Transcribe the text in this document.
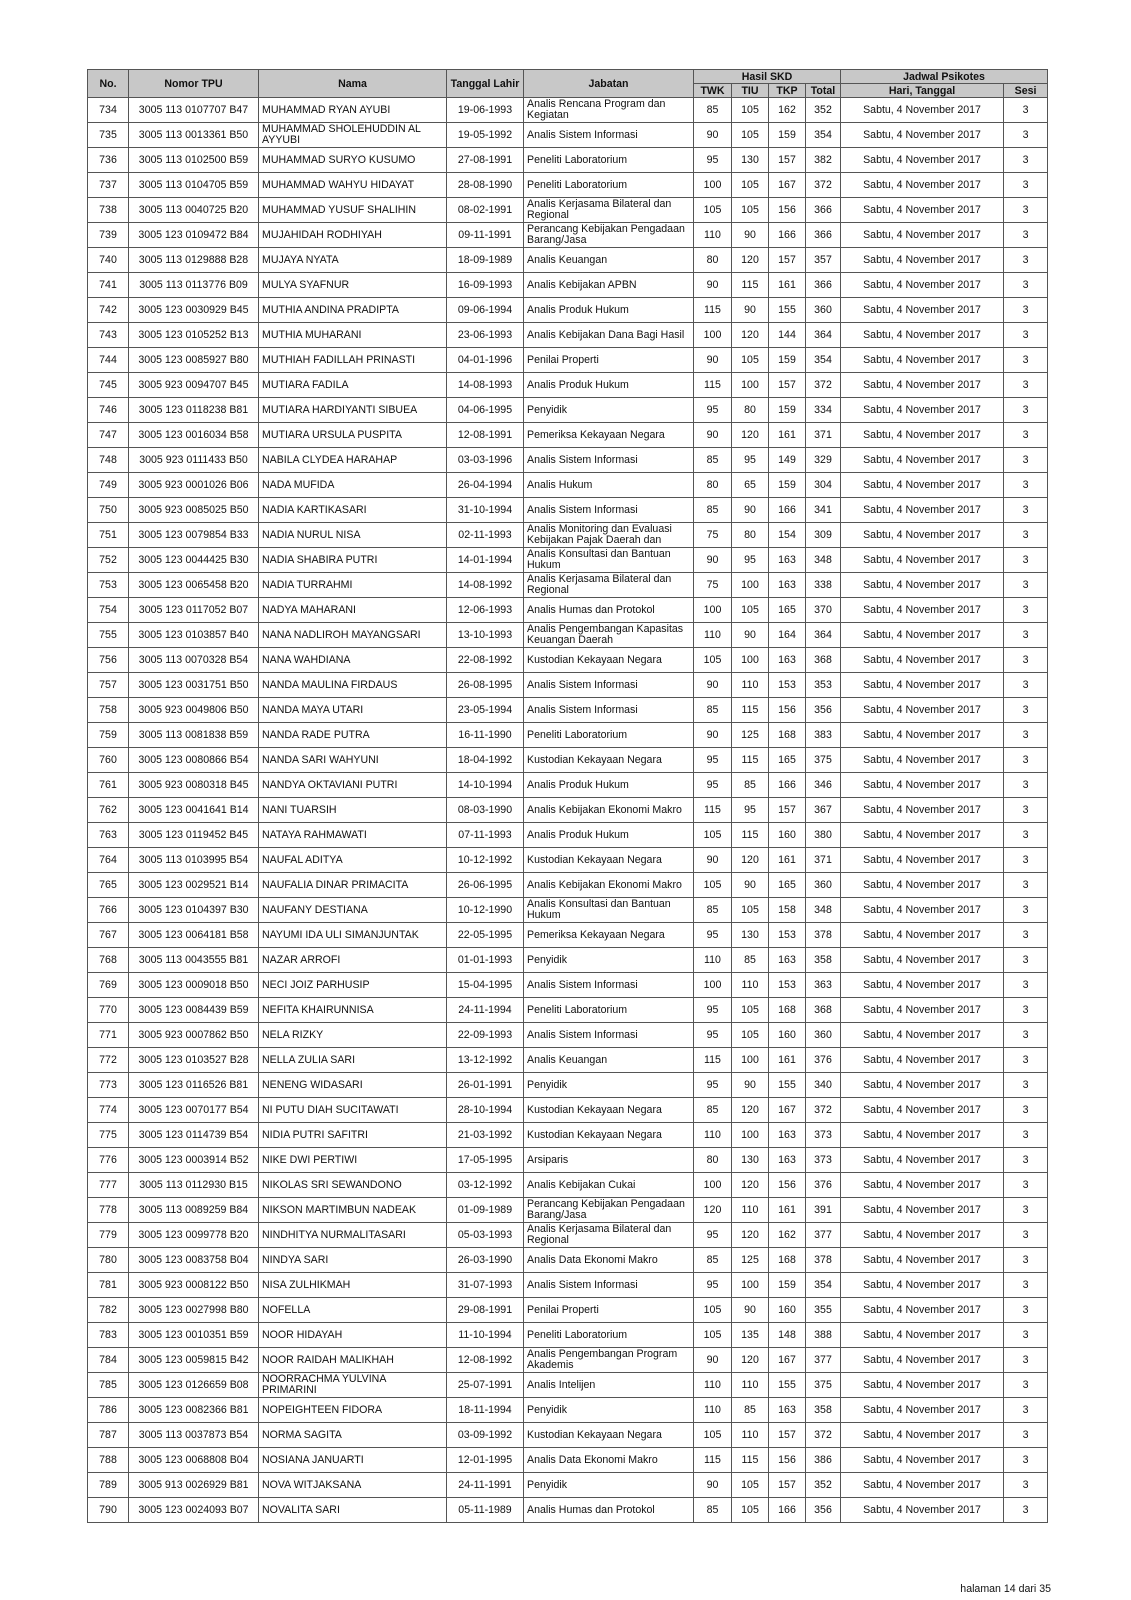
No.	Nomor TPU	Nama	Tanggal Lahir	Jabatan	Hasil SKD				Jadwal Psikotes	
					TWK	TIU	TKP	Total	Hari, Tanggal	Sesi
734	3005 113 0107707 B47	MUHAMMAD RYAN AYUBI	19-06-1993	Analis Rencana Program dan Kegiatan	85	105	162	352	Sabtu, 4 November 2017	3
735	3005 113 0013361 B50	MUHAMMAD SHOLEHUDDIN AL AYYUBI	19-05-1992	Analis Sistem Informasi	90	105	159	354	Sabtu, 4 November 2017	3
736	3005 113 0102500 B59	MUHAMMAD SURYO KUSUMO	27-08-1991	Peneliti Laboratorium	95	130	157	382	Sabtu, 4 November 2017	3
737	3005 113 0104705 B59	MUHAMMAD WAHYU HIDAYAT	28-08-1990	Peneliti Laboratorium	100	105	167	372	Sabtu, 4 November 2017	3
738	3005 113 0040725 B20	MUHAMMAD YUSUF SHALIHIN	08-02-1991	Analis Kerjasama Bilateral dan Regional	105	105	156	366	Sabtu, 4 November 2017	3
739	3005 123 0109472 B84	MUJAHIDAH RODHIYAH	09-11-1991	Perancang Kebijakan Pengadaan Barang/Jasa	110	90	166	366	Sabtu, 4 November 2017	3
740	3005 113 0129888 B28	MUJAYA NYATA	18-09-1989	Analis Keuangan	80	120	157	357	Sabtu, 4 November 2017	3
741	3005 113 0113776 B09	MULYA SYAFNUR	16-09-1993	Analis Kebijakan APBN	90	115	161	366	Sabtu, 4 November 2017	3
742	3005 123 0030929 B45	MUTHIA ANDINA PRADIPTA	09-06-1994	Analis Produk Hukum	115	90	155	360	Sabtu, 4 November 2017	3
743	3005 123 0105252 B13	MUTHIA MUHARANI	23-06-1993	Analis Kebijakan Dana Bagi Hasil	100	120	144	364	Sabtu, 4 November 2017	3
744	3005 123 0085927 B80	MUTHIAH FADILLAH PRINASTI	04-01-1996	Penilai Properti	90	105	159	354	Sabtu, 4 November 2017	3
745	3005 923 0094707 B45	MUTIARA FADILA	14-08-1993	Analis Produk Hukum	115	100	157	372	Sabtu, 4 November 2017	3
746	3005 123 0118238 B81	MUTIARA HARDIYANTI SIBUEA	04-06-1995	Penyidik	95	80	159	334	Sabtu, 4 November 2017	3
747	3005 123 0016034 B58	MUTIARA URSULA PUSPITA	12-08-1991	Pemeriksa Kekayaan Negara	90	120	161	371	Sabtu, 4 November 2017	3
748	3005 923 0111433 B50	NABILA CLYDEA HARAHAP	03-03-1996	Analis Sistem Informasi	85	95	149	329	Sabtu, 4 November 2017	3
749	3005 923 0001026 B06	NADA MUFIDA	26-04-1994	Analis Hukum	80	65	159	304	Sabtu, 4 November 2017	3
750	3005 923 0085025 B50	NADIA KARTIKASARI	31-10-1994	Analis Sistem Informasi	85	90	166	341	Sabtu, 4 November 2017	3
751	3005 123 0079854 B33	NADIA NURUL NISA	02-11-1993	Analis Monitoring dan Evaluasi Kebijakan Pajak Daerah dan	75	80	154	309	Sabtu, 4 November 2017	3
752	3005 123 0044425 B30	NADIA SHABIRA PUTRI	14-01-1994	Analis Konsultasi dan Bantuan Hukum	90	95	163	348	Sabtu, 4 November 2017	3
753	3005 123 0065458 B20	NADIA TURRAHMI	14-08-1992	Analis Kerjasama Bilateral dan Regional	75	100	163	338	Sabtu, 4 November 2017	3
754	3005 123 0117052 B07	NADYA MAHARANI	12-06-1993	Analis Humas dan Protokol	100	105	165	370	Sabtu, 4 November 2017	3
755	3005 123 0103857 B40	NANA NADLIROH MAYANGSARI	13-10-1993	Analis Pengembangan Kapasitas Keuangan Daerah	110	90	164	364	Sabtu, 4 November 2017	3
756	3005 113 0070328 B54	NANA WAHDIANA	22-08-1992	Kustodian Kekayaan Negara	105	100	163	368	Sabtu, 4 November 2017	3
757	3005 123 0031751 B50	NANDA MAULINA FIRDAUS	26-08-1995	Analis Sistem Informasi	90	110	153	353	Sabtu, 4 November 2017	3
758	3005 923 0049806 B50	NANDA MAYA UTARI	23-05-1994	Analis Sistem Informasi	85	115	156	356	Sabtu, 4 November 2017	3
759	3005 113 0081838 B59	NANDA RADE PUTRA	16-11-1990	Peneliti Laboratorium	90	125	168	383	Sabtu, 4 November 2017	3
760	3005 123 0080866 B54	NANDA SARI WAHYUNI	18-04-1992	Kustodian Kekayaan Negara	95	115	165	375	Sabtu, 4 November 2017	3
761	3005 923 0080318 B45	NANDYA OKTAVIANI PUTRI	14-10-1994	Analis Produk Hukum	95	85	166	346	Sabtu, 4 November 2017	3
762	3005 123 0041641 B14	NANI TUARSIH	08-03-1990	Analis Kebijakan Ekonomi Makro	115	95	157	367	Sabtu, 4 November 2017	3
763	3005 123 0119452 B45	NATAYA RAHMAWATI	07-11-1993	Analis Produk Hukum	105	115	160	380	Sabtu, 4 November 2017	3
764	3005 113 0103995 B54	NAUFAL ADITYA	10-12-1992	Kustodian Kekayaan Negara	90	120	161	371	Sabtu, 4 November 2017	3
765	3005 123 0029521 B14	NAUFALIA DINAR PRIMACITA	26-06-1995	Analis Kebijakan Ekonomi Makro	105	90	165	360	Sabtu, 4 November 2017	3
766	3005 123 0104397 B30	NAUFANY DESTIANA	10-12-1990	Analis Konsultasi dan Bantuan Hukum	85	105	158	348	Sabtu, 4 November 2017	3
767	3005 123 0064181 B58	NAYUMI IDA ULI SIMANJUNTAK	22-05-1995	Pemeriksa Kekayaan Negara	95	130	153	378	Sabtu, 4 November 2017	3
768	3005 113 0043555 B81	NAZAR ARROFI	01-01-1993	Penyidik	110	85	163	358	Sabtu, 4 November 2017	3
769	3005 123 0009018 B50	NECI JOIZ PARHUSIP	15-04-1995	Analis Sistem Informasi	100	110	153	363	Sabtu, 4 November 2017	3
770	3005 123 0084439 B59	NEFITA KHAIRUNNISA	24-11-1994	Peneliti Laboratorium	95	105	168	368	Sabtu, 4 November 2017	3
771	3005 923 0007862 B50	NELA RIZKY	22-09-1993	Analis Sistem Informasi	95	105	160	360	Sabtu, 4 November 2017	3
772	3005 123 0103527 B28	NELLA ZULIA SARI	13-12-1992	Analis Keuangan	115	100	161	376	Sabtu, 4 November 2017	3
773	3005 123 0116526 B81	NENENG WIDASARI	26-01-1991	Penyidik	95	90	155	340	Sabtu, 4 November 2017	3
774	3005 123 0070177 B54	NI PUTU DIAH SUCITAWATI	28-10-1994	Kustodian Kekayaan Negara	85	120	167	372	Sabtu, 4 November 2017	3
775	3005 123 0114739 B54	NIDIA PUTRI SAFITRI	21-03-1992	Kustodian Kekayaan Negara	110	100	163	373	Sabtu, 4 November 2017	3
776	3005 123 0003914 B52	NIKE DWI PERTIWI	17-05-1995	Arsiparis	80	130	163	373	Sabtu, 4 November 2017	3
777	3005 113 0112930 B15	NIKOLAS SRI SEWANDONO	03-12-1992	Analis Kebijakan Cukai	100	120	156	376	Sabtu, 4 November 2017	3
778	3005 113 0089259 B84	NIKSON MARTIMBUN NADEAK	01-09-1989	Perancang Kebijakan Pengadaan Barang/Jasa	120	110	161	391	Sabtu, 4 November 2017	3
779	3005 123 0099778 B20	NINDHITYA NURMALITASARI	05-03-1993	Analis Kerjasama Bilateral dan Regional	95	120	162	377	Sabtu, 4 November 2017	3
780	3005 123 0083758 B04	NINDYA SARI	26-03-1990	Analis Data Ekonomi Makro	85	125	168	378	Sabtu, 4 November 2017	3
781	3005 923 0008122 B50	NISA ZULHIKMAH	31-07-1993	Analis Sistem Informasi	95	100	159	354	Sabtu, 4 November 2017	3
782	3005 123 0027998 B80	NOFELLA	29-08-1991	Penilai Properti	105	90	160	355	Sabtu, 4 November 2017	3
783	3005 123 0010351 B59	NOOR HIDAYAH	11-10-1994	Peneliti Laboratorium	105	135	148	388	Sabtu, 4 November 2017	3
784	3005 123 0059815 B42	NOOR RAIDAH MALIKHAH	12-08-1992	Analis Pengembangan Program Akademis	90	120	167	377	Sabtu, 4 November 2017	3
785	3005 123 0126659 B08	NOORRACHMA YULVINA PRIMARINI	25-07-1991	Analis Intelijen	110	110	155	375	Sabtu, 4 November 2017	3
786	3005 123 0082366 B81	NOPEIGHTEEN FIDORA	18-11-1994	Penyidik	110	85	163	358	Sabtu, 4 November 2017	3
787	3005 113 0037873 B54	NORMA SAGITA	03-09-1992	Kustodian Kekayaan Negara	105	110	157	372	Sabtu, 4 November 2017	3
788	3005 123 0068808 B04	NOSIANA JANUARTI	12-01-1995	Analis Data Ekonomi Makro	115	115	156	386	Sabtu, 4 November 2017	3
789	3005 913 0026929 B81	NOVA WITJAKSANA	24-11-1991	Penyidik	90	105	157	352	Sabtu, 4 November 2017	3
790	3005 123 0024093 B07	NOVALITA SARI	05-11-1989	Analis Humas dan Protokol	85	105	166	356	Sabtu, 4 November 2017	3
halaman 14 dari 35
